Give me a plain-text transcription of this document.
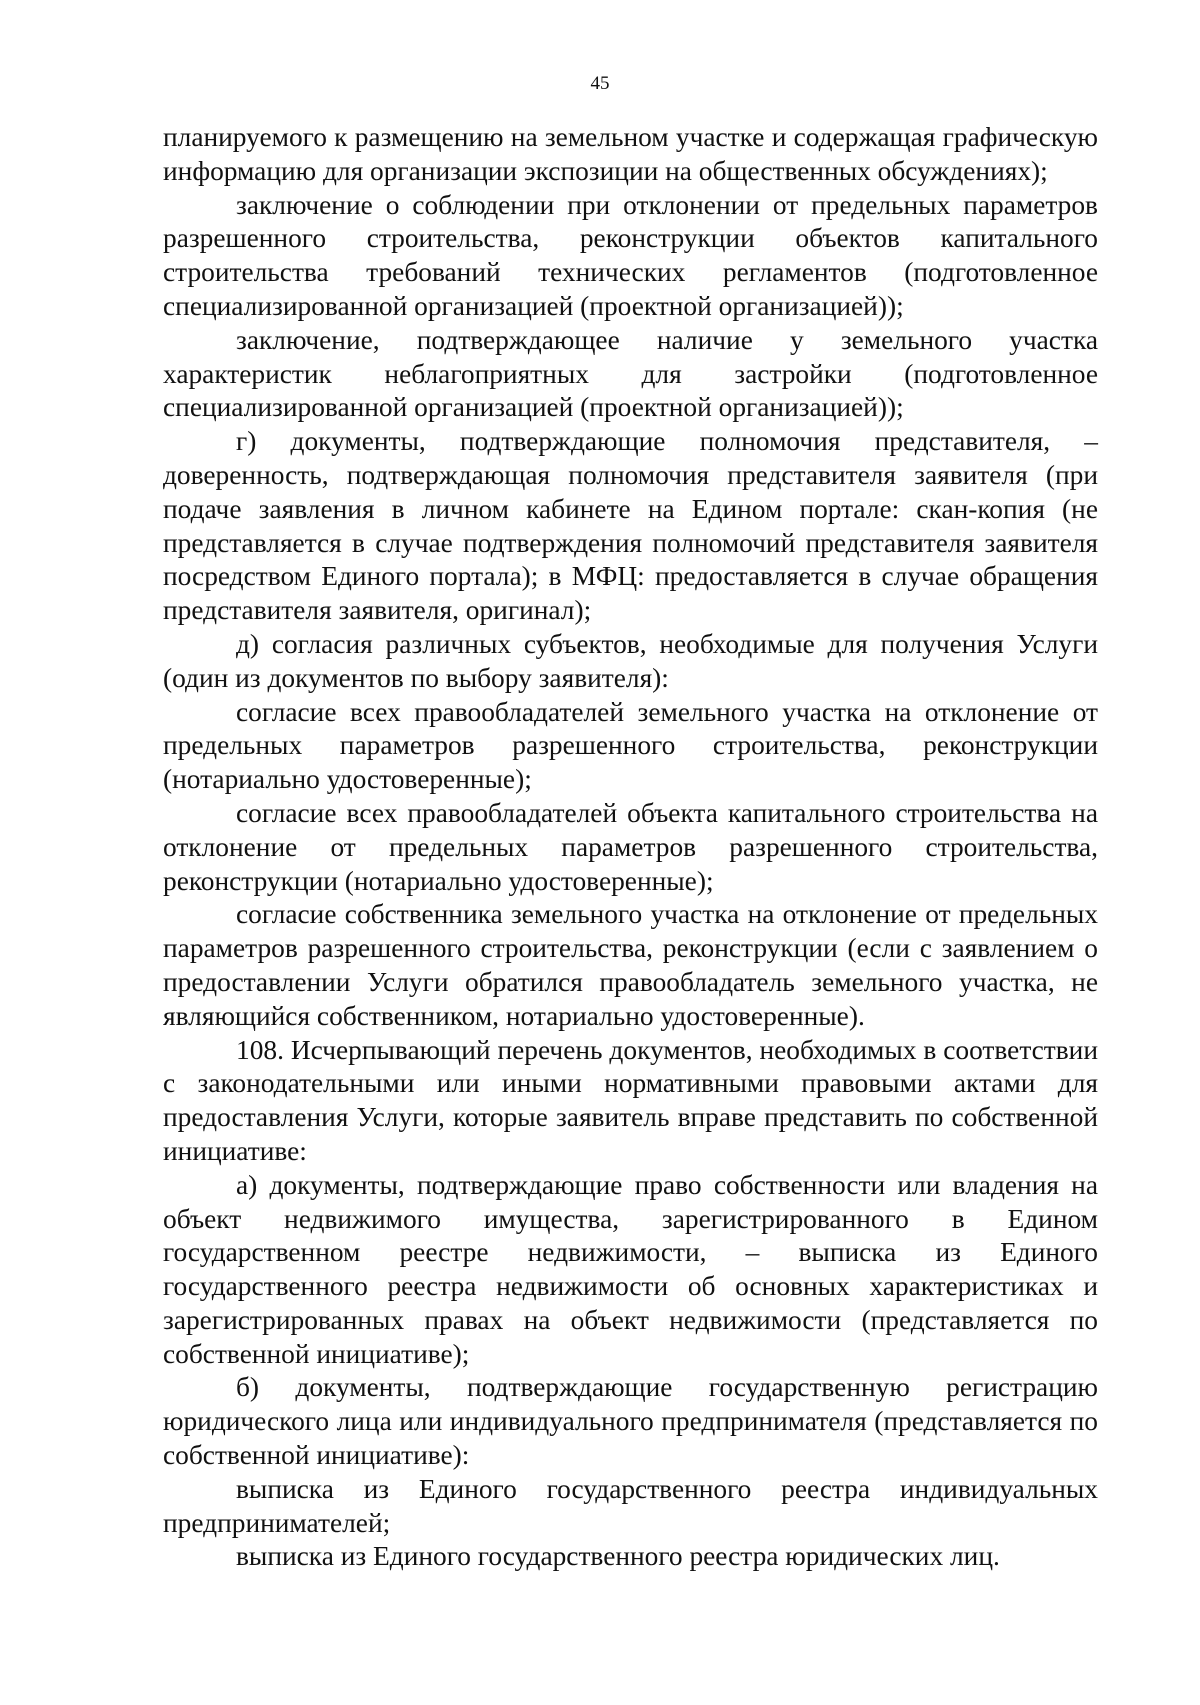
45

планируемого к размещению на земельном участке и содержащая графическую информацию для организации экспозиции на общественных обсуждениях);

заключение о соблюдении при отклонении от предельных параметров разрешенного строительства, реконструкции объектов капитального строительства требований технических регламентов (подготовленное специализированной организацией (проектной организацией));

заключение, подтверждающее наличие у земельного участка характеристик неблагоприятных для застройки (подготовленное специализированной организацией (проектной организацией));

г) документы, подтверждающие полномочия представителя, – доверенность, подтверждающая полномочия представителя заявителя (при подаче заявления в личном кабинете на Едином портале: скан-копия (не представляется в случае подтверждения полномочий представителя заявителя посредством Единого портала); в МФЦ: предоставляется в случае обращения представителя заявителя, оригинал);

д) согласия различных субъектов, необходимые для получения Услуги (один из документов по выбору заявителя):

согласие всех правообладателей земельного участка на отклонение от предельных параметров разрешенного строительства, реконструкции (нотариально удостоверенные);

согласие всех правообладателей объекта капитального строительства на отклонение от предельных параметров разрешенного строительства, реконструкции (нотариально удостоверенные);

согласие собственника земельного участка на отклонение от предельных параметров разрешенного строительства, реконструкции (если с заявлением о предоставлении Услуги обратился правообладатель земельного участка, не являющийся собственником, нотариально удостоверенные).

108. Исчерпывающий перечень документов, необходимых в соответствии с законодательными или иными нормативными правовыми актами для предоставления Услуги, которые заявитель вправе представить по собственной инициативе:

а) документы, подтверждающие право собственности или владения на объект недвижимого имущества, зарегистрированного в Едином государственном реестре недвижимости, – выписка из Единого государственного реестра недвижимости об основных характеристиках и зарегистрированных правах на объект недвижимости (представляется по собственной инициативе);

б) документы, подтверждающие государственную регистрацию юридического лица или индивидуального предпринимателя (представляется по собственной инициативе):

выписка из Единого государственного реестра индивидуальных предпринимателей;

выписка из Единого государственного реестра юридических лиц.
